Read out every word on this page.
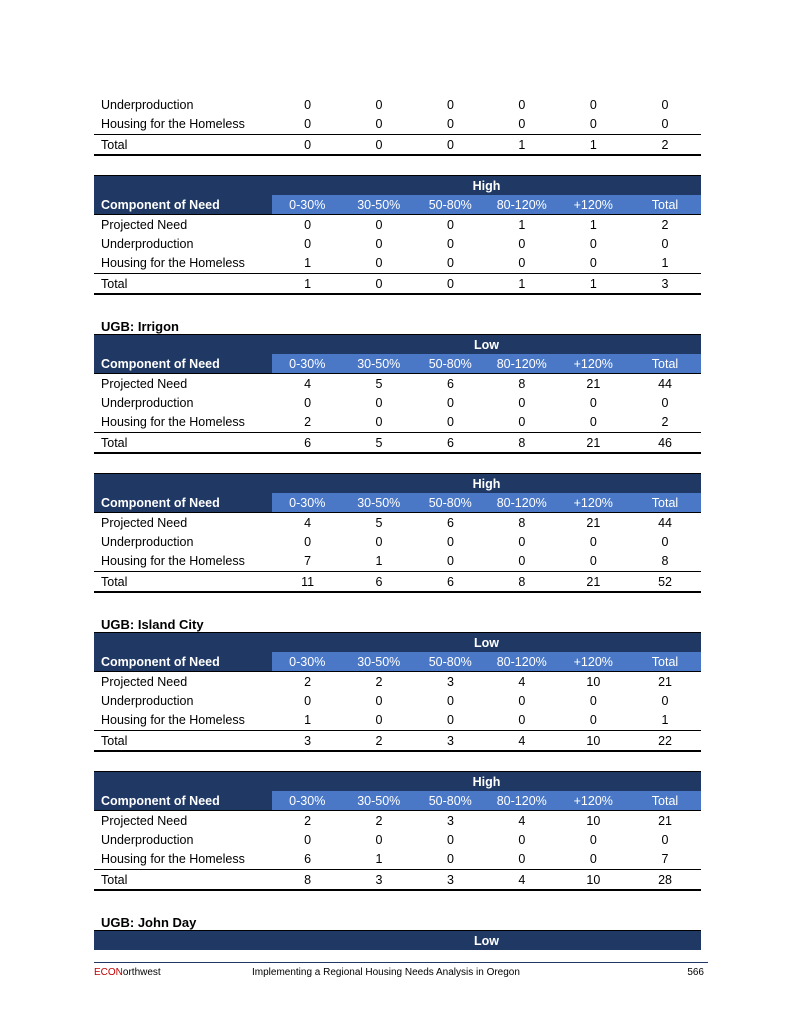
Underproduction	0	0	0	0	0	0
Housing for the Homeless	0	0	0	0	0	0
Total	0	0	0	1	1	2
High
Component of Need	0-30%	30-50%	50-80%	80-120%	+120%	Total
Projected Need	0	0	0	1	1	2
Underproduction	0	0	0	0	0	0
Housing for the Homeless	1	0	0	0	0	1
Total	1	0	0	1	1	3
UGB: Irrigon
Low
Component of Need	0-30%	30-50%	50-80%	80-120%	+120%	Total
Projected Need	4	5	6	8	21	44
Underproduction	0	0	0	0	0	0
Housing for the Homeless	2	0	0	0	0	2
Total	6	5	6	8	21	46
High
Component of Need	0-30%	30-50%	50-80%	80-120%	+120%	Total
Projected Need	4	5	6	8	21	44
Underproduction	0	0	0	0	0	0
Housing for the Homeless	7	1	0	0	0	8
Total	11	6	6	8	21	52
UGB: Island City
Low
Component of Need	0-30%	30-50%	50-80%	80-120%	+120%	Total
Projected Need	2	2	3	4	10	21
Underproduction	0	0	0	0	0	0
Housing for the Homeless	1	0	0	0	0	1
Total	3	2	3	4	10	22
High
Component of Need	0-30%	30-50%	50-80%	80-120%	+120%	Total
Projected Need	2	2	3	4	10	21
Underproduction	0	0	0	0	0	0
Housing for the Homeless	6	1	0	0	0	7
Total	8	3	3	4	10	28
UGB: John Day
Low
ECONorthwest	Implementing a Regional Housing Needs Analysis in Oregon	566
